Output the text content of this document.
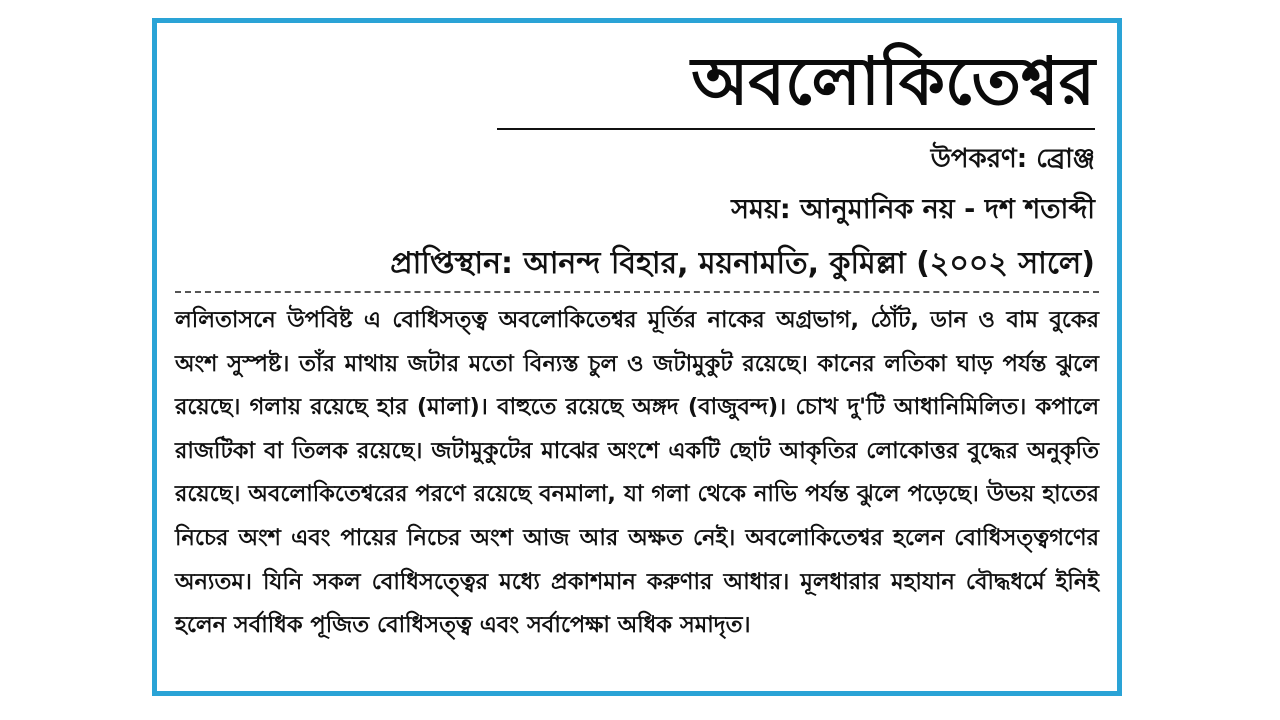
অবলোকিতেশ্বর
উপকরণ: ব্রোঞ্জ
সময়: আনুমানিক নয় - দশ শতাব্দী
প্রাপ্তিস্থান: আনন্দ বিহার, ময়নামতি, কুমিল্লা (২০০২ সালে)

ললিতাসনে উপবিষ্ট এ বোধিসত্ত্ব অবলোকিতেশ্বর মূর্তির নাকের অগ্রভাগ, ঠোঁট, ডান ও বাম বুকের অংশ সুস্পষ্ট। তাঁর মাথায় জটার মতো বিন্যস্ত চুল ও জটামুকুট রয়েছে। কানের লতিকা ঘাড় পর্যন্ত ঝুলে রয়েছে। গলায় রয়েছে হার (মালা)। বাহুতে রয়েছে অঙ্গদ (বাজুবন্দ)। চোখ দু'টি আধানিমিলিত। কপালে রাজটিকা বা তিলক রয়েছে। জটামুকুটের মাঝের অংশে একটি ছোট আকৃতির লোকোত্তর বুদ্ধের অনুকৃতি রয়েছে। অবলোকিতেশ্বরের পরণে রয়েছে বনমালা, যা গলা থেকে নাভি পর্যন্ত ঝুলে পড়েছে। উভয় হাতের নিচের অংশ এবং পায়ের নিচের অংশ আজ আর অক্ষত নেই। অবলোকিতেশ্বর হলেন বোধিসত্ত্বগণের অন্যতম। যিনি সকল বোধিসত্ত্বের মধ্যে প্রকাশমান করুণার আধার। মূলধারার মহাযান বৌদ্ধধর্মে ইনিই হলেন সর্বাধিক পূজিত বোধিসত্ত্ব এবং সর্বাপেক্ষা অধিক সমাদৃত।
